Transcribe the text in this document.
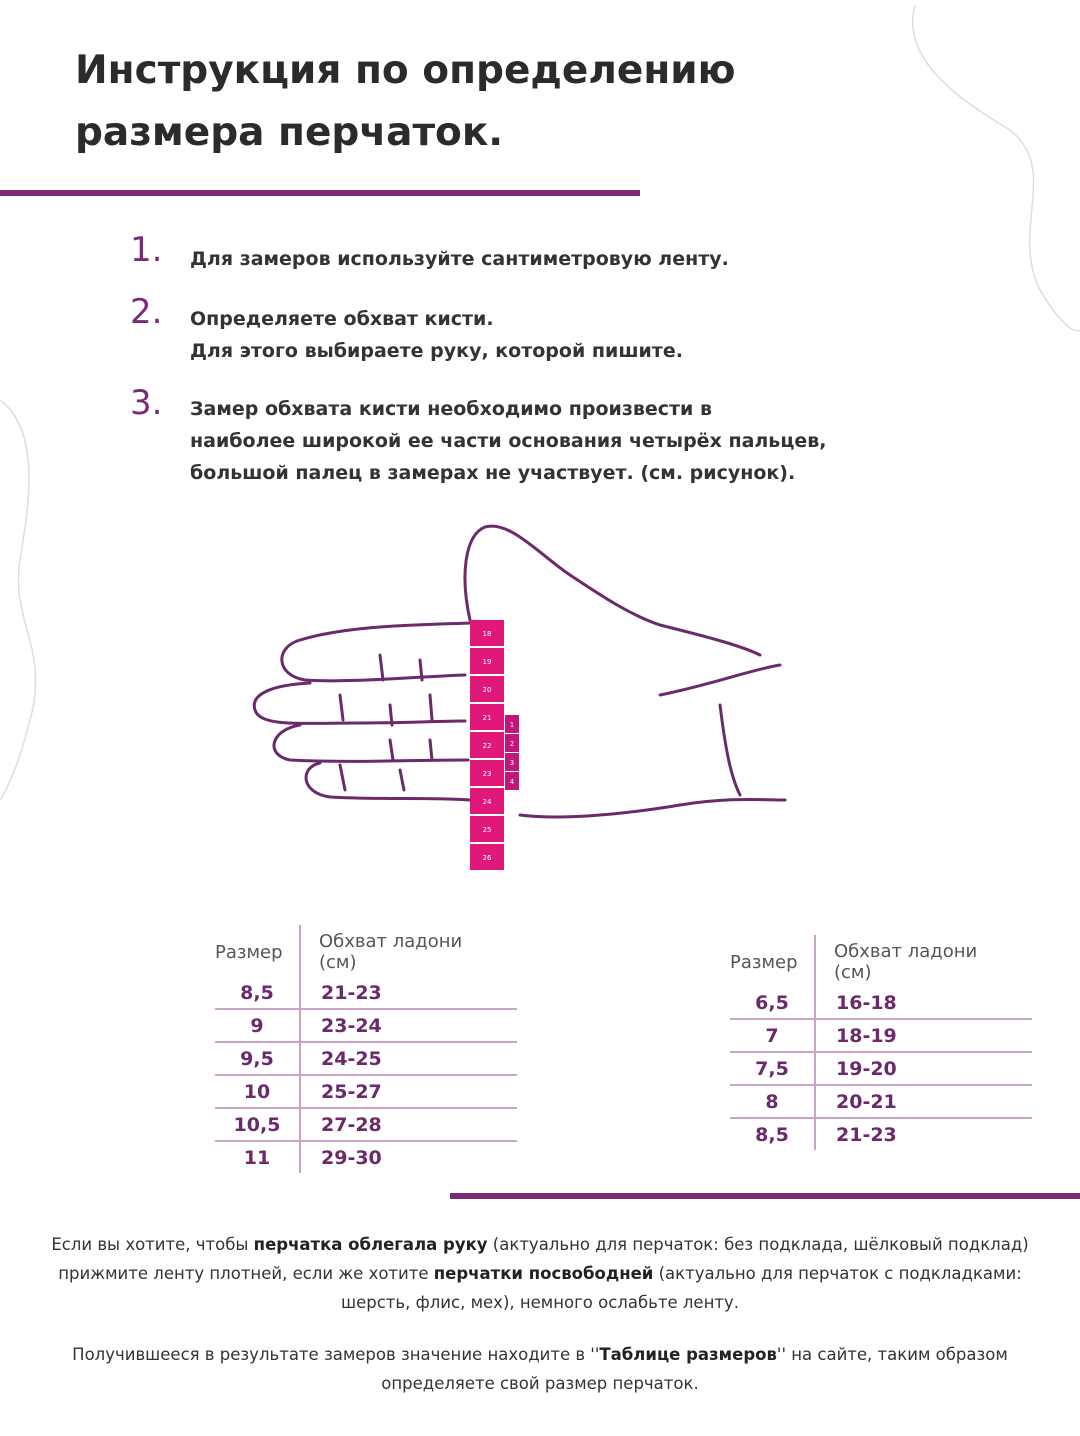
Инструкция по определению
размера перчаток.
1. Для замеров используйте сантиметровую ленту.
2. Определяете обхват кисти.
Для этого выбираете руку, которой пишите.
3. Замер обхвата кисти необходимо произвести в
наиболее широкой ее части основания четырёх пальцев,
большой палец в замерах не участвует. (см. рисунок).
18
19
20
21
22
23
24
25
26
1
2
3
4
Размер	Обхват ладони (см)
8,5	21-23
9	23-24
9,5	24-25
10	25-27
10,5	27-28
11	29-30
Размер	Обхват ладони (см)
6,5	16-18
7	18-19
7,5	19-20
8	20-21
8,5	21-23
Если вы хотите, чтобы перчатка облегала руку (актуально для перчаток: без подклада, шёлковый подклад) прижмите ленту плотней, если же хотите перчатки посвободней (актуально для перчаток с подкладками: шерсть, флис, мех), немного ослабьте ленту.
Получившееся в результате замеров значение находите в ''Таблице размеров'' на сайте, таким образом определяете свой размер перчаток.
